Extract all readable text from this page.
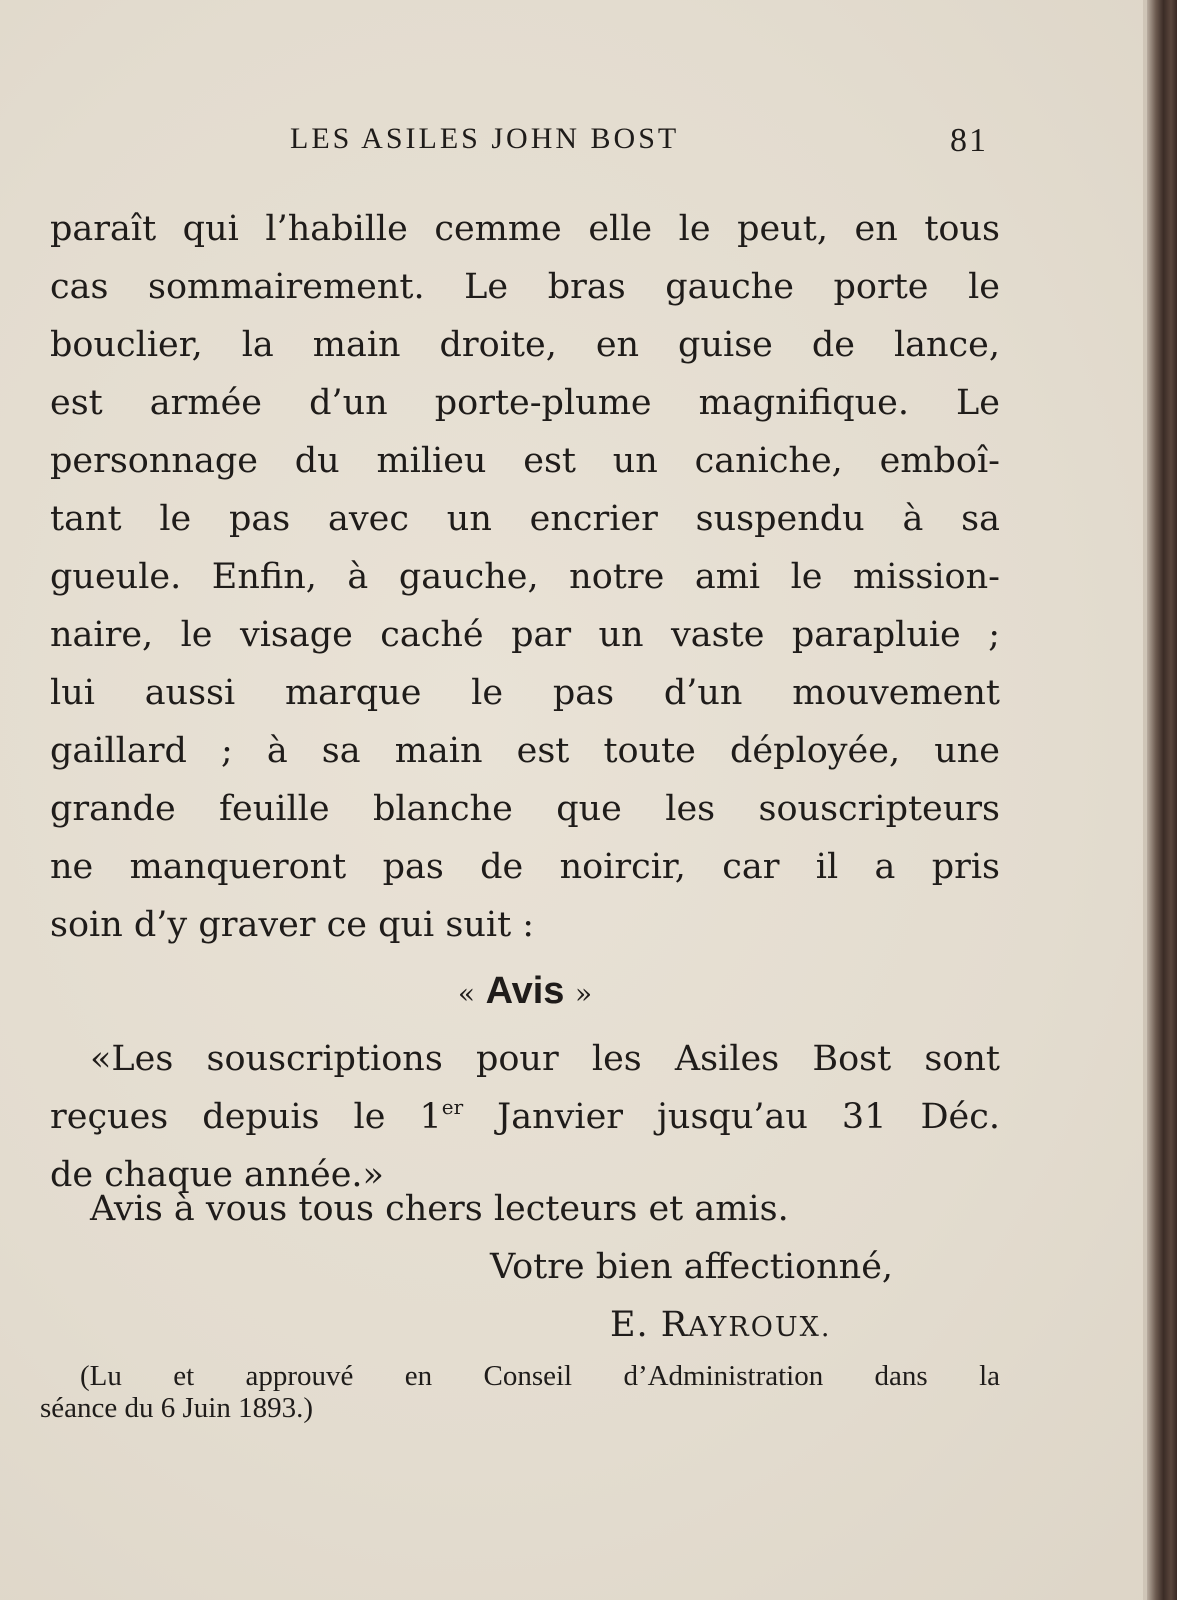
LES ASILES JOHN BOST	81
paraît qui l’habille cemme elle le peut, en tous
cas sommairement. Le bras gauche porte le
bouclier, la main droite, en guise de lance,
est armée d’un porte-plume magnifique. Le
personnage du milieu est un caniche, emboî-
tant le pas avec un encrier suspendu à sa
gueule. Enfin, à gauche, notre ami le mission-
naire, le visage caché par un vaste parapluie ;
lui aussi marque le pas d’un mouvement
gaillard ; à sa main est toute déployée, une
grande feuille blanche que les souscripteurs
ne manqueront pas de noircir, car il a pris
soin d’y graver ce qui suit :
« Avis »
«Les souscriptions pour les Asiles Bost sont
reçues depuis le 1er Janvier jusqu’au 31 Déc.
de chaque année.»
Avis à vous tous chers lecteurs et amis.
Votre bien affectionné,
E. RAYROUX.
(Lu et approuvé en Conseil d’Administration dans la
séance du 6 Juin 1893.)
